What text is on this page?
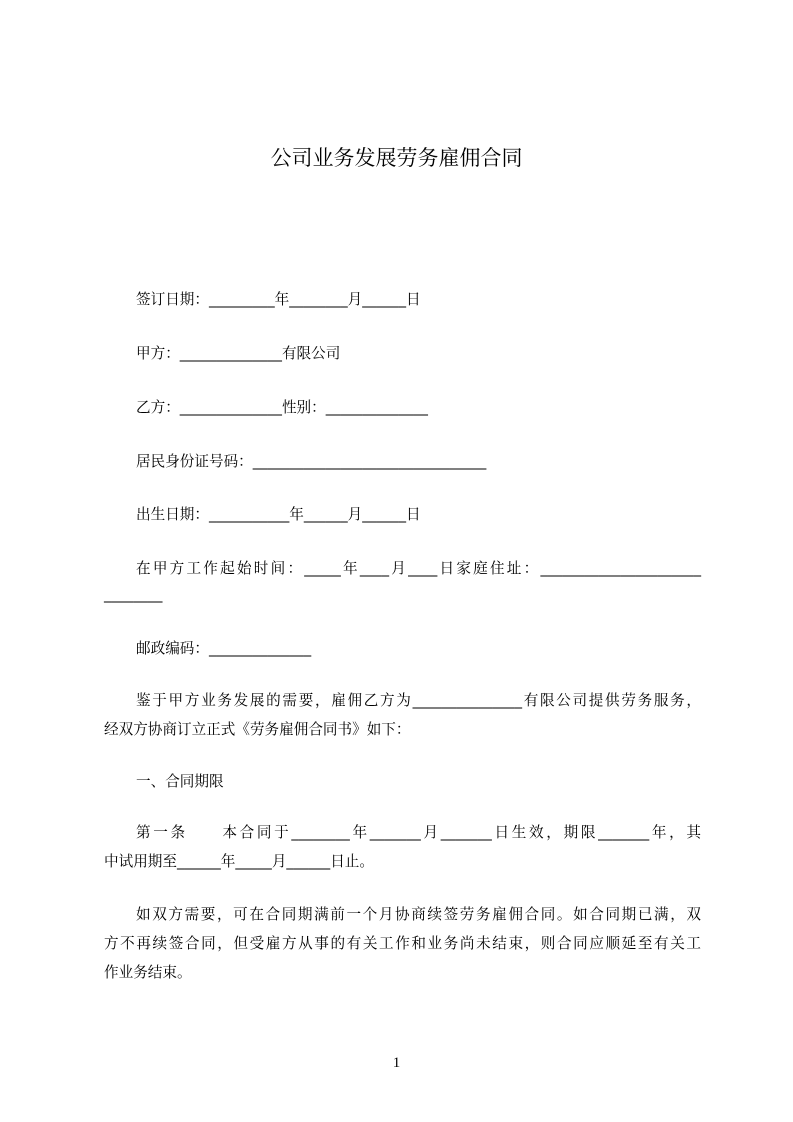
公司业务发展劳务雇佣合同
签订日期：_________年________月______日
甲方：______________有限公司
乙方：______________性别：______________
居民身份证号码：________________________________
出生日期：___________年______月______日
在甲方工作起始时间：_____年____月____日家庭住址：______________________
________
邮政编码：______________
鉴于甲方业务发展的需要，雇佣乙方为_______________有限公司提供劳务服务，
经双方协商订立正式《劳务雇佣合同书》如下：
一、合同期限
第一条　　本合同于________年_______月_______日生效，期限_______年，其
中试用期至______年_____月______日止。
如双方需要，可在合同期满前一个月协商续签劳务雇佣合同。如合同期已满，双
方不再续签合同，但受雇方从事的有关工作和业务尚未结束，则合同应顺延至有关工
作业务结束。
1
